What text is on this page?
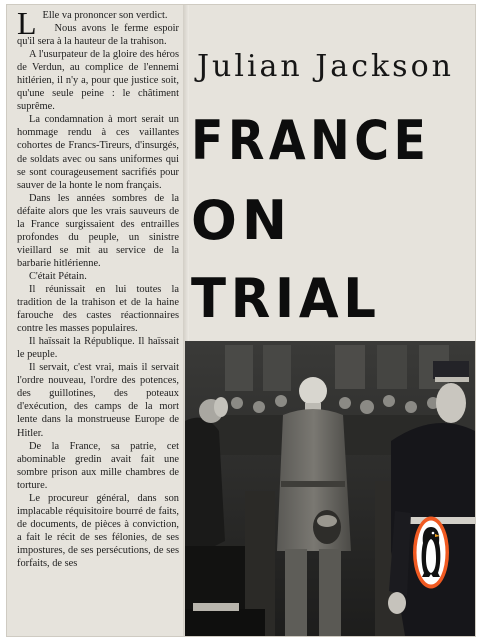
L Elle va prononcer son verdict.

Nous avons le ferme espoir qu'il sera à la hauteur de la trahison.

A l'usurpateur de la gloire des héros de Verdun, au complice de l'ennemi hitlérien, il n'y a, pour que justice soit, qu'une seule peine : le châtiment suprême.

La condamnation à mort serait un hommage rendu à ces vaillantes cohortes de Francs-Tireurs, d'insurgés, de soldats avec ou sans uniformes qui se sont courageusement sacrifiés pour sauver de la honte le nom français.

Dans les années sombres de la défaite alors que les vrais sauveurs de la France surgissaient des entrailles profondes du peuple, un sinistre vieillard se mit au service de la barbarie hitlérienne.

C'était Pétain.

Il réunissait en lui toutes la tradition de la trahison et de la haine farouche des castes réactionnaires contre les masses populaires.

Il haïssait la République. Il haïssait le peuple.

Il servait, c'est vrai, mais il servait l'ordre nouveau, l'ordre des potences, des guillotines, des poteaux d'exécution, des camps de la mort lente dans la monstrueuse Europe de Hitler.

De la France, sa patrie, cet abominable gredin avait fait une sombre prison aux mille chambres de torture.

Le procureur général, dans son implacable réquisitoire bourré de faits, de documents, de pièces à conviction, a fait le récit de ses félonies, de ses impostures, de ses persécutions, de ses forfaits, de ses

Julian Jackson
FRANCE
ON
TRIAL
